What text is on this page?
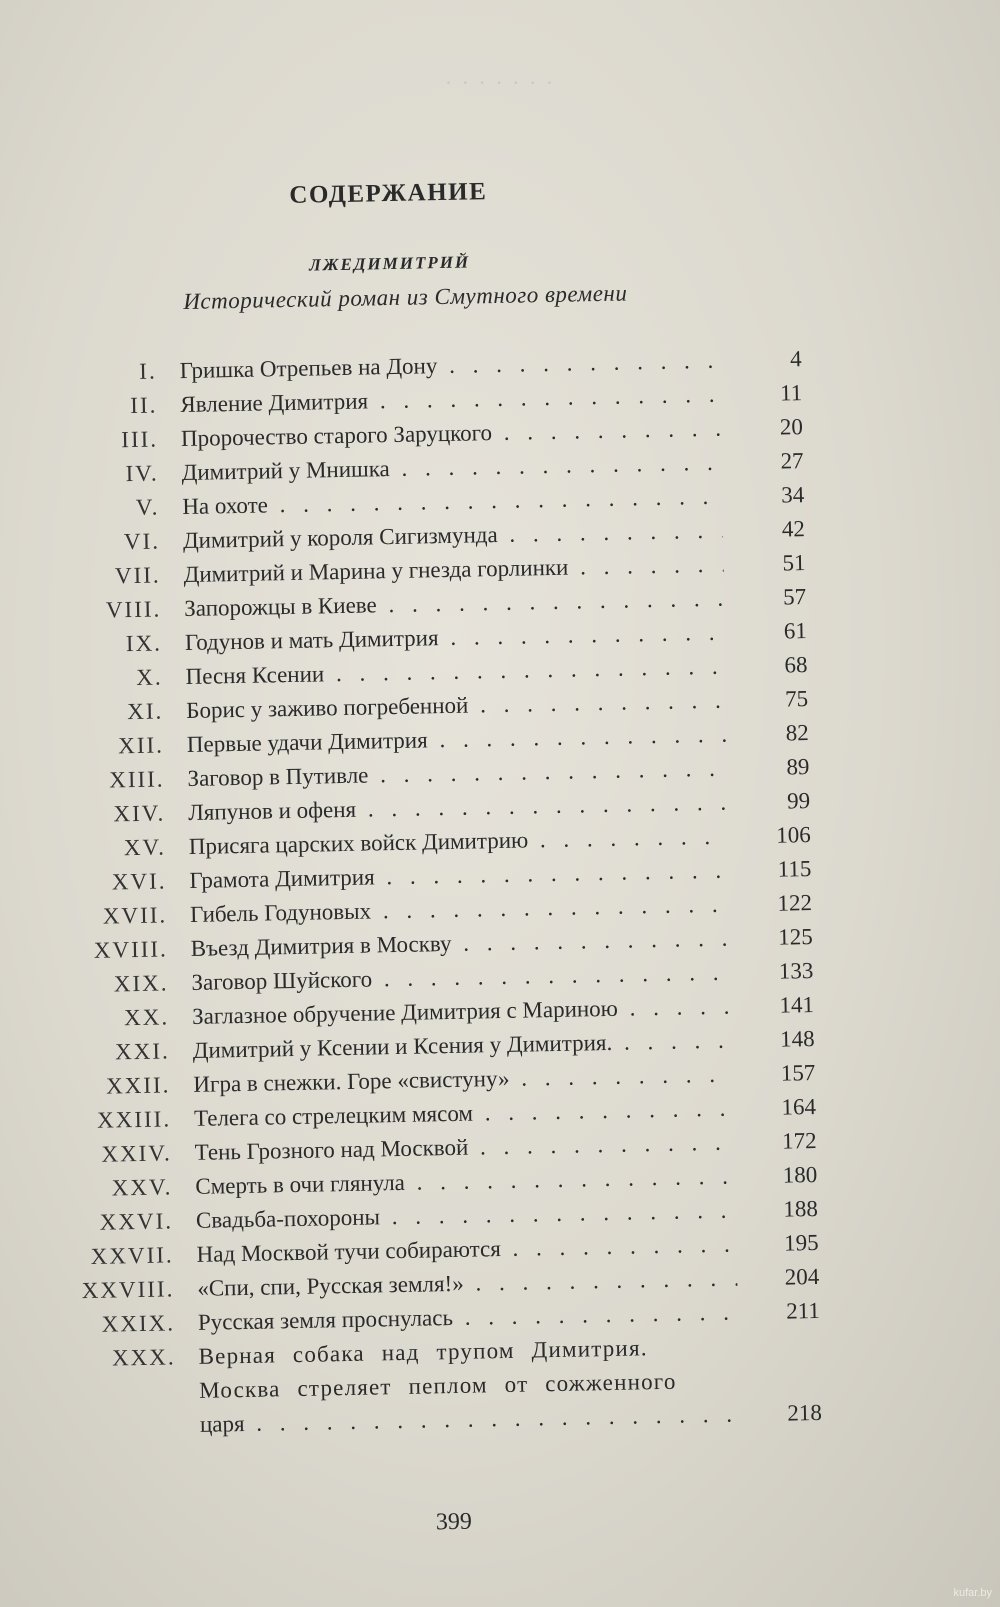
· · · · · · ·
СОДЕРЖАНИЕ
ЛЖЕДИМИТРИЙ
Исторический роман из Смутного времени
I. Гришка Отрепьев на Дону . . .	4
II. Явление Димитрия . . .	11
III. Пророчество старого Заруцкого . . .	20
IV. Димитрий у Мнишка . . .	27
V. На охоте . . .	34
VI. Димитрий у короля Сигизмунда . . .	42
VII. Димитрий и Марина у гнезда горлинки . . .	51
VIII. Запорожцы в Киеве . . .	57
IX. Годунов и мать Димитрия . . .	61
X. Песня Ксении . . .	68
XI. Борис у заживо погребенной . . .	75
XII. Первые удачи Димитрия . . .	82
XIII. Заговор в Путивле . . .	89
XIV. Ляпунов и офеня . . .	99
XV. Присяга царских войск Димитрию . . .	106
XVI. Грамота Димитрия . . .	115
XVII. Гибель Годуновых . . .	122
XVIII. Въезд Димитрия в Москву . . .	125
XIX. Заговор Шуйского . . .	133
XX. Заглазное обручение Димитрия с Мариною . . .	141
XXI. Димитрий у Ксении и Ксения у Димитрия. . . .	148
XXII. Игра в снежки. Горе «свистуну» . . .	157
XXIII. Телега со стрелецким мясом . . .	164
XXIV. Тень Грозного над Москвой . . .	172
XXV. Смерть в очи глянула . . .	180
XXVI. Свадьба-похороны . . .	188
XXVII. Над Москвой тучи собираются . . .	195
XXVIII. «Спи, спи, Русская земля!» . . .	204
XXIX. Русская земля проснулась . . .	211
XXX. Верная собака над трупом Димитрия.
Москва стреляет пеплом от сожженного
царя . . .	218
399
kufar.by
